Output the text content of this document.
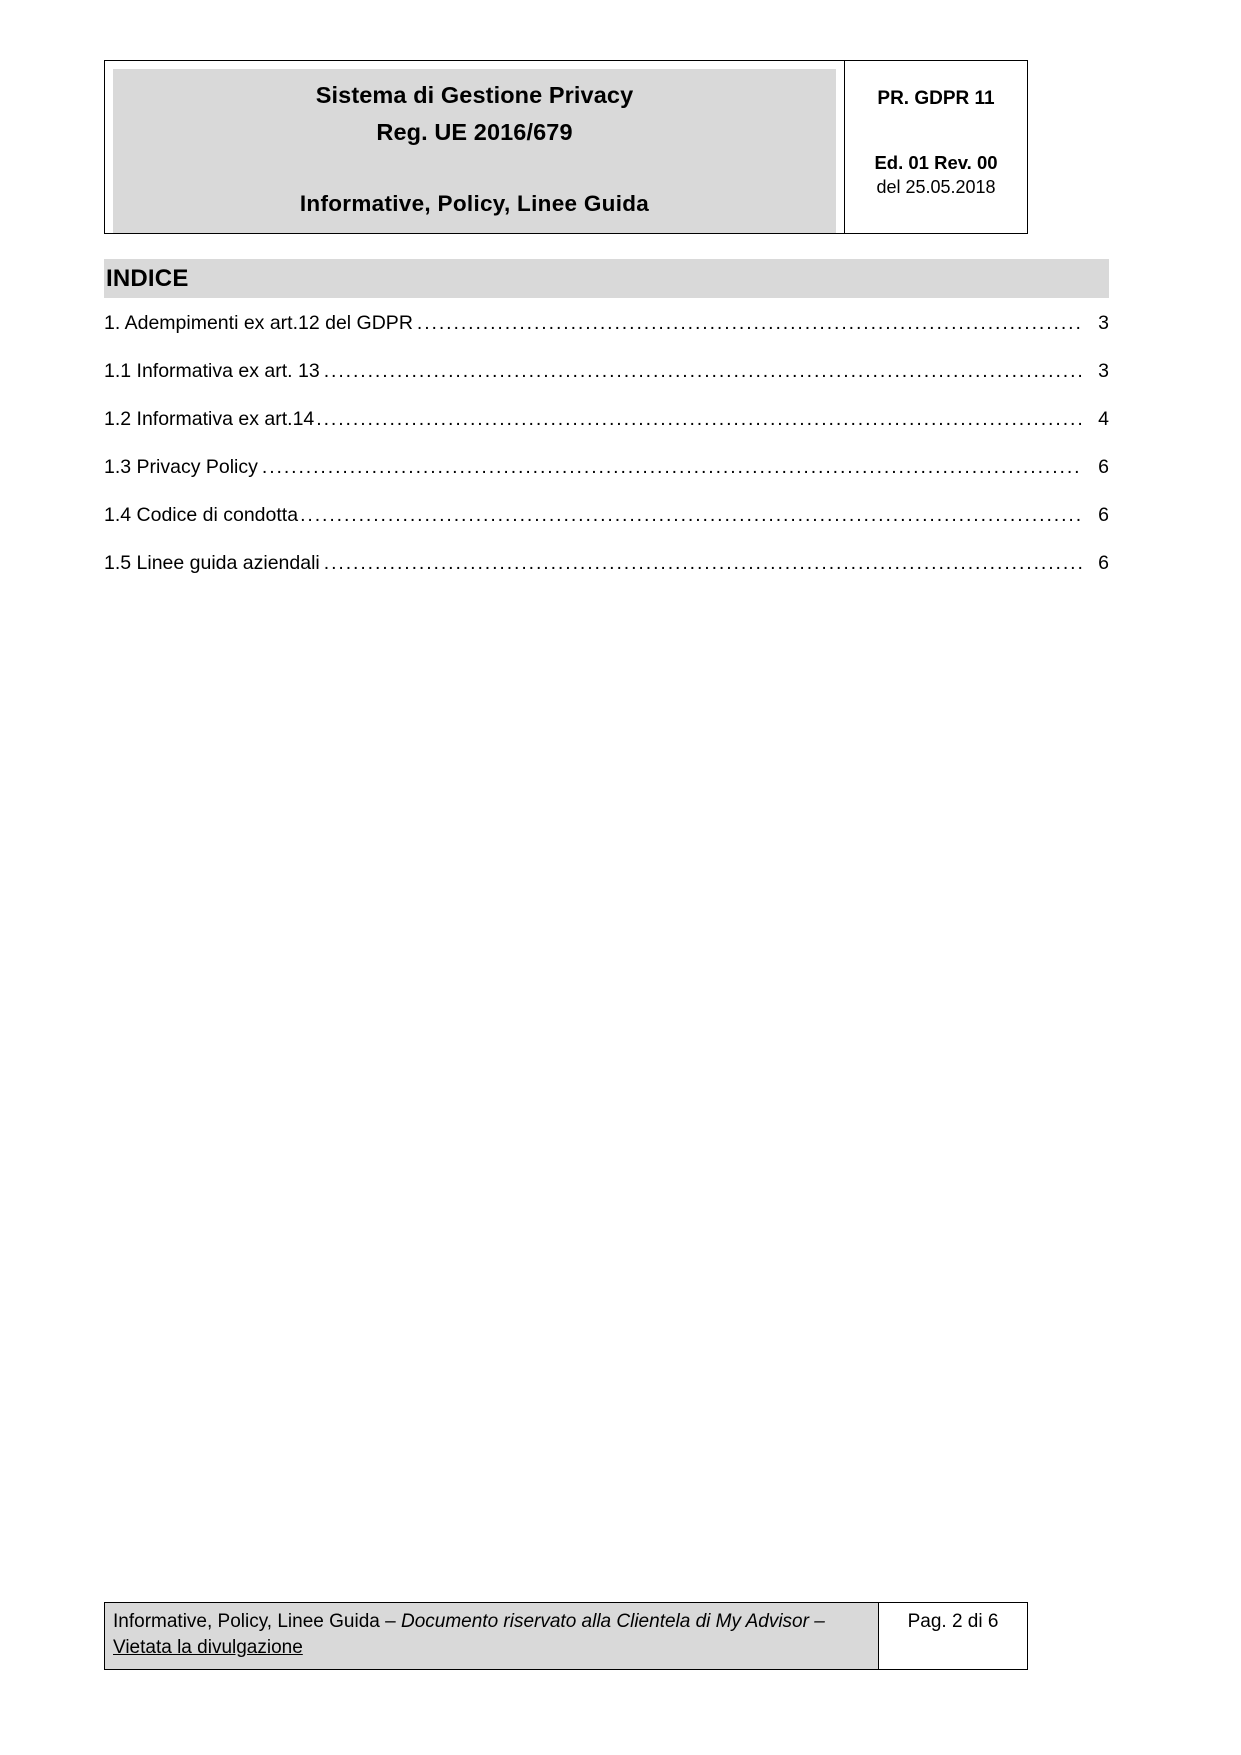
Sistema di Gestione Privacy
Reg. UE 2016/679
Informative, Policy, Linee Guida
PR. GDPR 11
Ed. 01 Rev. 00
del 25.05.2018
INDICE
1. Adempimenti ex art.12 del GDPR .....	3
1.1 Informativa ex art. 13 .....	3
1.2 Informativa ex art.14 .....	4
1.3 Privacy Policy .....	6
1.4 Codice di condotta .....	6
1.5 Linee guida aziendali .....	6
Informative, Policy, Linee Guida – Documento riservato alla Clientela di My Advisor – Vietata la divulgazione
Pag. 2 di 6
